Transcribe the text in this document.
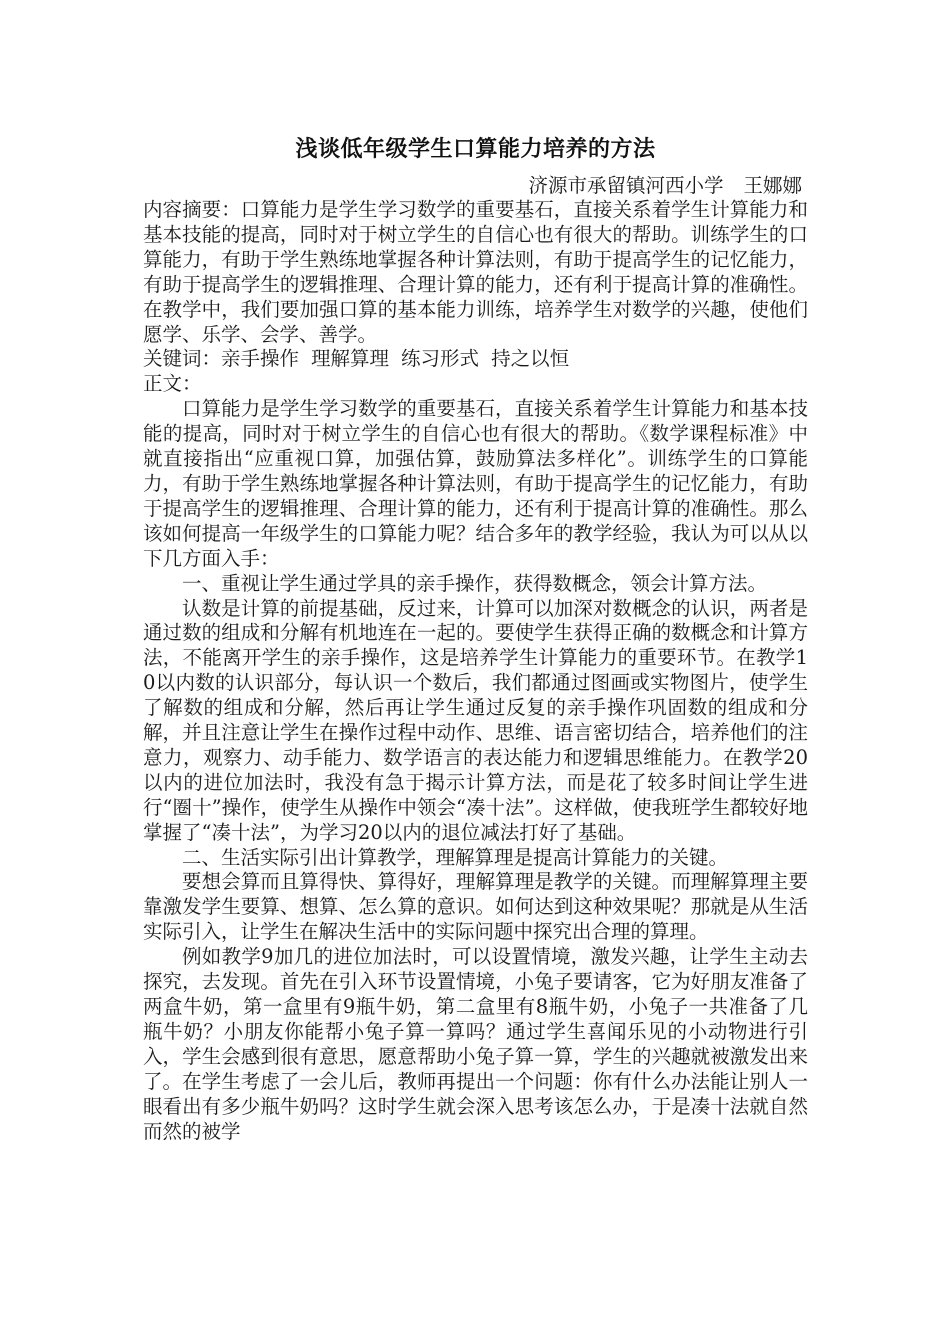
浅谈低年级学生口算能力培养的方法

济源市承留镇河西小学 王娜娜

内容摘要：口算能力是学生学习数学的重要基石，直接关系着学生计算能力和基本技能的提高，同时对于树立学生的自信心也有很大的帮助。训练学生的口算能力，有助于学生熟练地掌握各种计算法则，有助于提高学生的记忆能力，有助于提高学生的逻辑推理、合理计算的能力，还有利于提高计算的准确性。在教学中，我们要加强口算的基本能力训练，培养学生对数学的兴趣，使他们愿学、乐学、会学、善学。

关键词：亲手操作 理解算理 练习形式 持之以恒

正文：

口算能力是学生学习数学的重要基石，直接关系着学生计算能力和基本技能的提高，同时对于树立学生的自信心也有很大的帮助。《数学课程标准》中就直接指出“应重视口算，加强估算，鼓励算法多样化”。训练学生的口算能力，有助于学生熟练地掌握各种计算法则，有助于提高学生的记忆能力，有助于提高学生的逻辑推理、合理计算的能力，还有利于提高计算的准确性。那么该如何提高一年级学生的口算能力呢？结合多年的教学经验，我认为可以从以下几方面入手：

一、重视让学生通过学具的亲手操作，获得数概念，领会计算方法。

认数是计算的前提基础，反过来，计算可以加深对数概念的认识，两者是通过数的组成和分解有机地连在一起的。要使学生获得正确的数概念和计算方法，不能离开学生的亲手操作，这是培养学生计算能力的重要环节。在教学10以内数的认识部分，每认识一个数后，我们都通过图画或实物图片，使学生了解数的组成和分解，然后再让学生通过反复的亲手操作巩固数的组成和分解，并且注意让学生在操作过程中动作、思维、语言密切结合，培养他们的注意力，观察力、动手能力、数学语言的表达能力和逻辑思维能力。在教学20以内的进位加法时，我没有急于揭示计算方法，而是花了较多时间让学生进行“圈十”操作，使学生从操作中领会“凑十法”。这样做，使我班学生都较好地掌握了“凑十法”，为学习20以内的退位减法打好了基础。

二、生活实际引出计算教学，理解算理是提高计算能力的关键。

要想会算而且算得快、算得好，理解算理是教学的关键。而理解算理主要靠激发学生要算、想算、怎么算的意识。如何达到这种效果呢？那就是从生活实际引入，让学生在解决生活中的实际问题中探究出合理的算理。

例如教学9加几的进位加法时，可以设置情境，激发兴趣，让学生主动去探究，去发现。首先在引入环节设置情境，小兔子要请客，它为好朋友准备了两盒牛奶，第一盒里有9瓶牛奶，第二盒里有8瓶牛奶，小兔子一共准备了几瓶牛奶？小朋友你能帮小兔子算一算吗？通过学生喜闻乐见的小动物进行引入，学生会感到很有意思，愿意帮助小兔子算一算，学生的兴趣就被激发出来了。在学生考虑了一会儿后，教师再提出一个问题：你有什么办法能让别人一眼看出有多少瓶牛奶吗？这时学生就会深入思考该怎么办，于是凑十法就自然而然的被学
